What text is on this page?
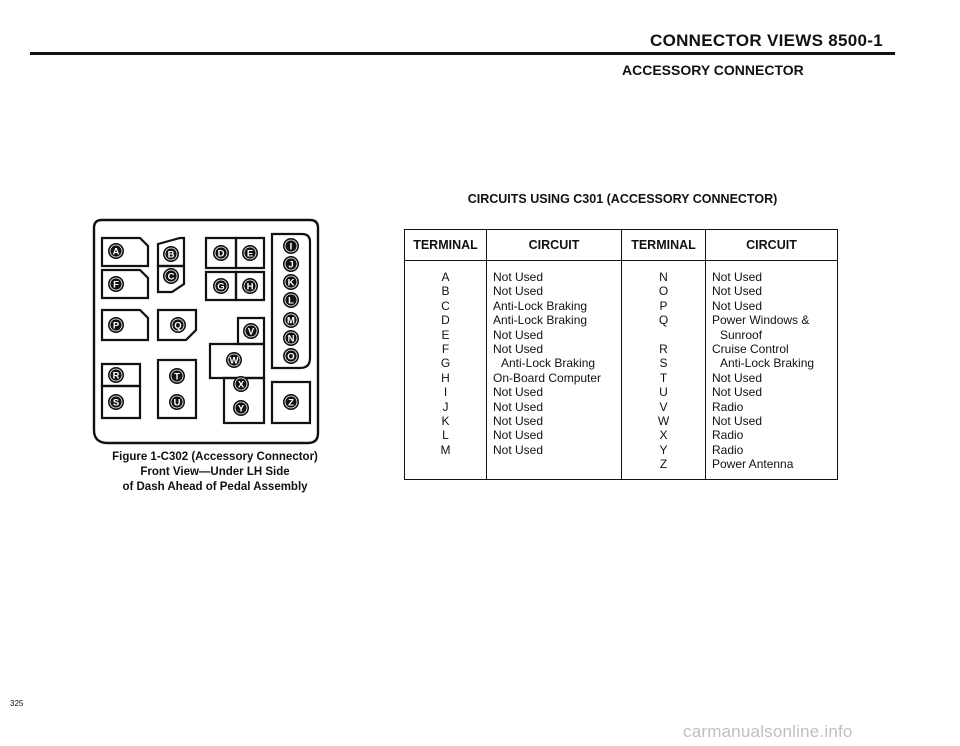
CONNECTOR VIEWS 8500-1
ACCESSORY CONNECTOR
CIRCUITS USING C301 (ACCESSORY CONNECTOR)
TERMINAL	CIRCUIT	TERMINAL	CIRCUIT
A	Not Used	N	Not Used
B	Not Used	O	Not Used
C	Anti-Lock Braking	P	Not Used
D	Anti-Lock Braking	Q	Power Windows &
E	Not Used		Sunroof
F	Not Used	R	Cruise Control
G	Anti-Lock Braking	S	Anti-Lock Braking
H	On-Board Computer	T	Not Used
I	Not Used	U	Not Used
J	Not Used	V	Radio
K	Not Used	W	Not Used
L	Not Used	X	Radio
M	Not Used	Y	Radio
		Z	Power Antenna
A	B
C
D E
F	G H
I
J
K
L
M
N
O
P	Q
R
S
T
U
V
W
X
Y
Z
Figure 1-C302 (Accessory Connector)
Front View—Under LH Side
of Dash Ahead of Pedal Assembly
325
carmanualsonline.info
